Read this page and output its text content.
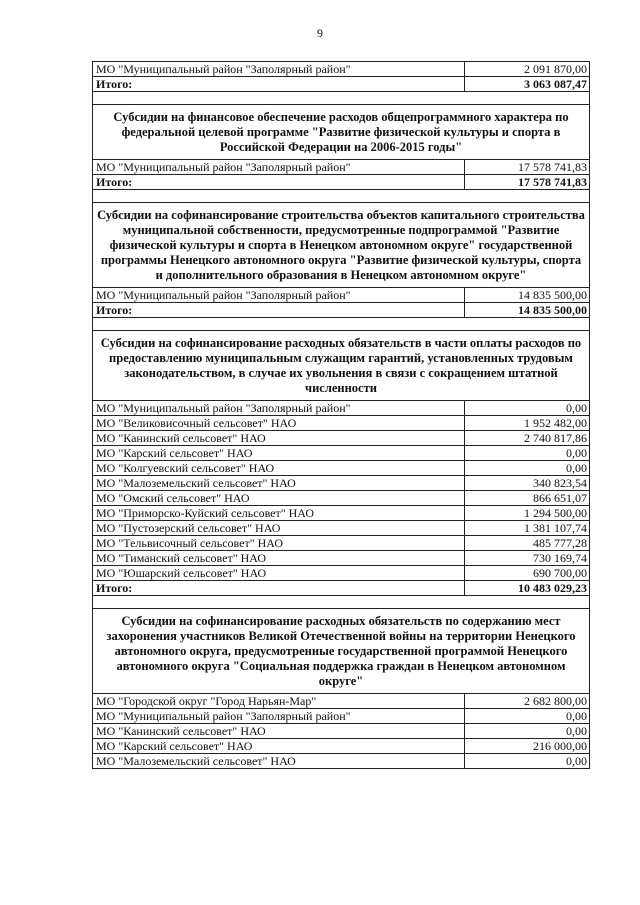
9
МО "Муниципальный район "Заполярный район"	2 091 870,00
Итого:	3 063 087,47

Субсидии на финансовое обеспечение расходов общепрограммного характера по федеральной целевой программе "Развитие физической культуры и спорта в Российской Федерации на 2006-2015 годы"	
МО "Муниципальный район "Заполярный район"	17 578 741,83
Итого:	17 578 741,83

Субсидии на софинансирование строительства объектов капитального строительства муниципальной собственности, предусмотренные подпрограммой "Развитие физической культуры и спорта в Ненецком автономном округе" государственной программы Ненецкого автономного округа "Развитие физической культуры, спорта и дополнительного образования в Ненецком автономном округе"	
МО "Муниципальный район "Заполярный район"	14 835 500,00
Итого:	14 835 500,00

Субсидии на софинансирование расходных обязательств в части оплаты расходов по предоставлению муниципальным служащим гарантий, установленных трудовым законодательством, в случае их увольнения в связи с сокращением штатной численности	
МО "Муниципальный район "Заполярный район"	0,00
МО "Великовисочный сельсовет" НАО	1 952 482,00
МО "Канинский сельсовет" НАО	2 740 817,86
МО "Карский сельсовет" НАО	0,00
МО "Колгуевский сельсовет" НАО	0,00
МО "Малоземельский сельсовет" НАО	340 823,54
МО "Омский сельсовет" НАО	866 651,07
МО "Приморско-Куйский сельсовет" НАО	1 294 500,00
МО "Пустозерский сельсовет" НАО	1 381 107,74
МО "Тельвисочный сельсовет" НАО	485 777,28
МО "Тиманский сельсовет" НАО	730 169,74
МО "Юшарский сельсовет" НАО	690 700,00
Итого:	10 483 029,23

Субсидии на софинансирование расходных обязательств по содержанию мест захоронения участников Великой Отечественной войны на территории Ненецкого автономного округа, предусмотренные государственной программой Ненецкого автономного округа "Социальная поддержка граждан в Ненецком автономном округе"	
МО "Городской округ "Город Нарьян-Мар"	2 682 800,00
МО "Муниципальный район "Заполярный район"	0,00
МО "Канинский сельсовет" НАО	0,00
МО "Карский сельсовет" НАО	216 000,00
МО "Малоземельский сельсовет" НАО	0,00
